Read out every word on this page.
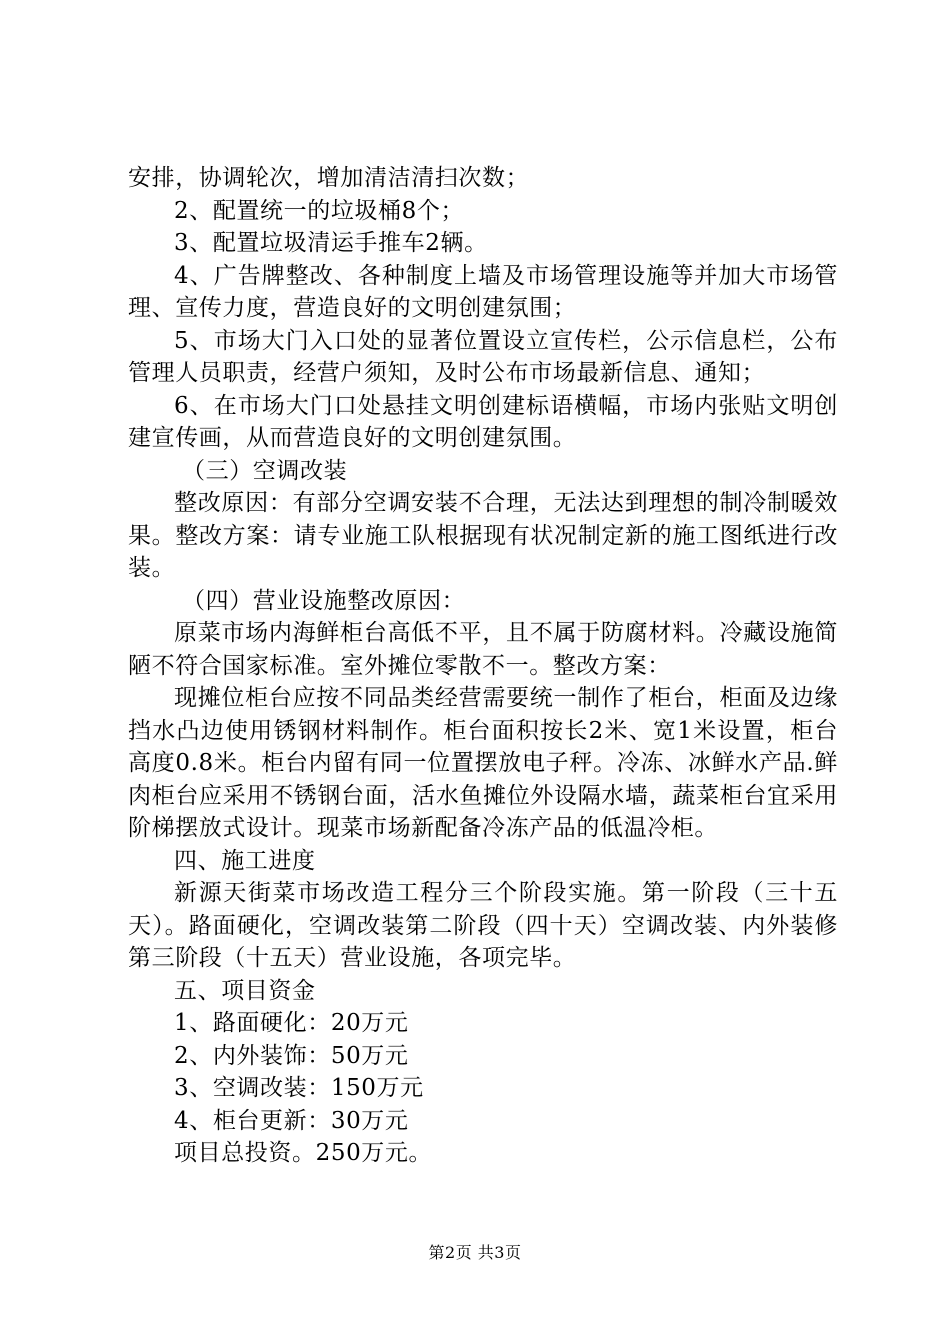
安排，协调轮次，增加清洁清扫次数；

2、配置统一的垃圾桶8个；

3、配置垃圾清运手推车2辆。

4、广告牌整改、各种制度上墙及市场管理设施等并加大市场管理、宣传力度，营造良好的文明创建氛围；

5、市场大门入口处的显著位置设立宣传栏，公示信息栏，公布管理人员职责，经营户须知，及时公布市场最新信息、通知；

6、在市场大门口处悬挂文明创建标语横幅，市场内张贴文明创建宣传画，从而营造良好的文明创建氛围。

（三）空调改装

整改原因：有部分空调安装不合理，无法达到理想的制冷制暖效果。整改方案：请专业施工队根据现有状况制定新的施工图纸进行改装。

（四）营业设施整改原因：

原菜市场内海鲜柜台高低不平，且不属于防腐材料。冷藏设施简陋不符合国家标准。室外摊位零散不一。整改方案：

现摊位柜台应按不同品类经营需要统一制作了柜台，柜面及边缘挡水凸边使用锈钢材料制作。柜台面积按长2米、宽1米设置，柜台高度0.8米。柜台内留有同一位置摆放电子秤。冷冻、冰鲜水产品.鲜肉柜台应采用不锈钢台面，活水鱼摊位外设隔水墙，蔬菜柜台宜采用阶梯摆放式设计。现菜市场新配备冷冻产品的低温冷柜。

四、施工进度

新源天街菜市场改造工程分三个阶段实施。第一阶段（三十五天）。路面硬化，空调改装第二阶段（四十天）空调改装、内外装修第三阶段（十五天）营业设施，各项完毕。

五、项目资金

1、路面硬化：20万元

2、内外装饰：50万元

3、空调改装：150万元

4、柜台更新：30万元

项目总投资。250万元。

第2页 共3页
